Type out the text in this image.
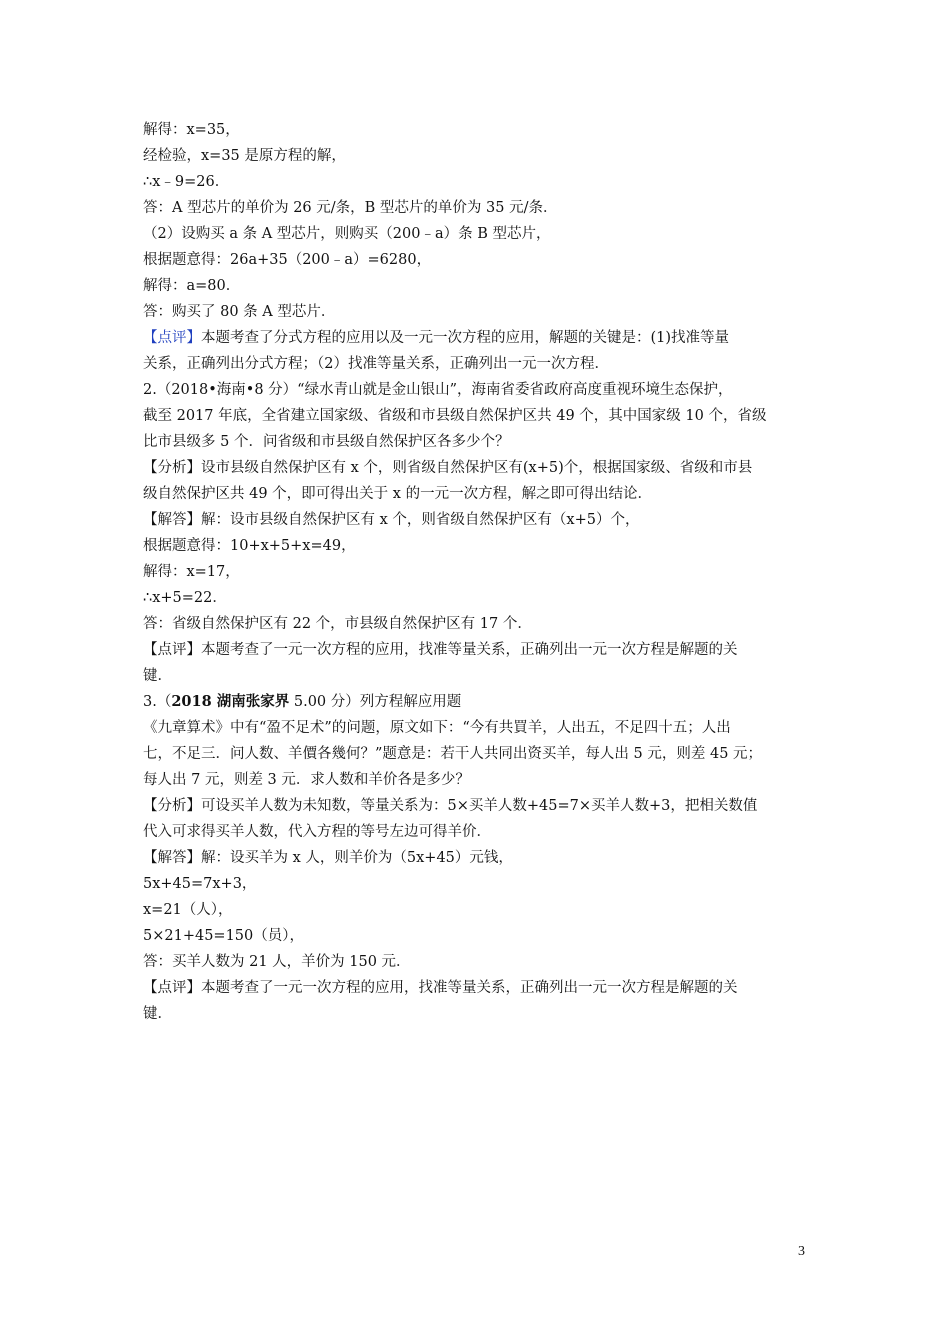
解得：x=35，
经检验，x=35 是原方程的解，
∴x﹣9=26．
答：A 型芯片的单价为 26 元/条，B 型芯片的单价为 35 元/条．
（2）设购买 a 条 A 型芯片，则购买（200﹣a）条 B 型芯片，
根据题意得：26a+35（200﹣a）=6280，
解得：a=80．
答：购买了 80 条 A 型芯片．
【点评】本题考查了分式方程的应用以及一元一次方程的应用，解题的关键是：(1)找准等量
关系，正确列出分式方程；（2）找准等量关系，正确列出一元一次方程．
2.（2018•海南•8 分）“绿水青山就是金山银山”，海南省委省政府高度重视环境生态保护，
截至 2017 年底，全省建立国家级、省级和市县级自然保护区共 49 个，其中国家级 10 个，省级
比市县级多 5 个．问省级和市县级自然保护区各多少个？
【分析】设市县级自然保护区有 x 个，则省级自然保护区有(x+5)个，根据国家级、省级和市县
级自然保护区共 49 个，即可得出关于 x 的一元一次方程，解之即可得出结论．
【解答】解：设市县级自然保护区有 x 个，则省级自然保护区有（x+5）个，
根据题意得：10+x+5+x=49，
解得：x=17，
∴x+5=22．
答：省级自然保护区有 22 个，市县级自然保护区有 17 个．
【点评】本题考查了一元一次方程的应用，找准等量关系，正确列出一元一次方程是解题的关
键．
3.（2018 湖南张家界 5.00 分）列方程解应用题
《九章算术》中有“盈不足术”的问题，原文如下：“今有共買羊，人出五，不足四十五；人出
七，不足三．问人数、羊價各幾何？”题意是：若干人共同出资买羊，每人出 5 元，则差 45 元；
每人出 7 元，则差 3 元．求人数和羊价各是多少？
【分析】可设买羊人数为未知数，等量关系为：5×买羊人数+45=7×买羊人数+3，把相关数值
代入可求得买羊人数，代入方程的等号左边可得羊价．
【解答】解：设买羊为 x 人，则羊价为（5x+45）元钱，
5x+45=7x+3，
x=21（人），
5×21+45=150（员），
答：买羊人数为 21 人，羊价为 150 元．
【点评】本题考查了一元一次方程的应用，找准等量关系，正确列出一元一次方程是解题的关
键．
3
